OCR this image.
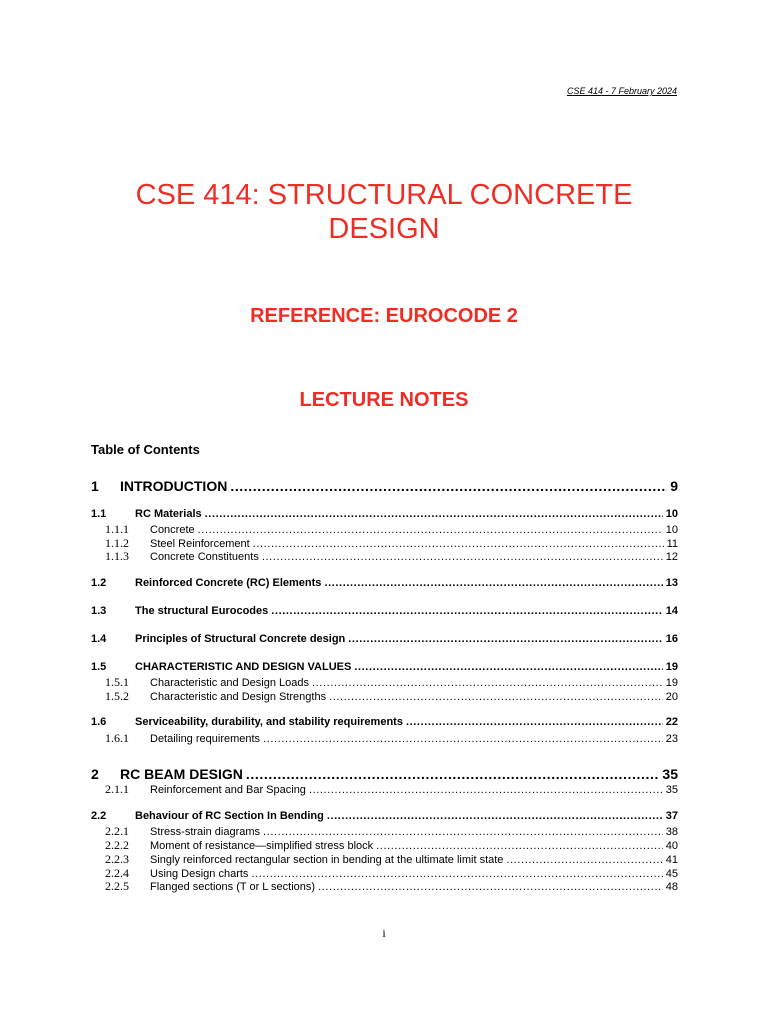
CSE 414 - 7 February 2024
CSE 414: STRUCTURAL CONCRETE
DESIGN
REFERENCE: EUROCODE 2
LECTURE NOTES
Table of Contents
1	INTRODUCTION .....	9
1.1	RC Materials .....	10
1.1.1	Concrete .....	10
1.1.2	Steel Reinforcement .....	11
1.1.3	Concrete Constituents .....	12
1.2	Reinforced Concrete (RC) Elements .....	13
1.3	The structural Eurocodes .....	14
1.4	Principles of Structural Concrete design .....	16
1.5	CHARACTERISTIC AND DESIGN VALUES .....	19
1.5.1	Characteristic and Design Loads .....	19
1.5.2	Characteristic and Design Strengths .....	20
1.6	Serviceability, durability, and stability requirements .....	22
1.6.1	Detailing requirements .....	23
2	RC BEAM DESIGN .....	35
2.1.1	Reinforcement and Bar Spacing .....	35
2.2	Behaviour of RC Section In Bending .....	37
2.2.1	Stress-strain diagrams .....	38
2.2.2	Moment of resistance—simplified stress block .....	40
2.2.3	Singly reinforced rectangular section in bending at the ultimate limit state .....	41
2.2.4	Using Design charts .....	45
2.2.5	Flanged sections (T or L sections) .....	48
i
